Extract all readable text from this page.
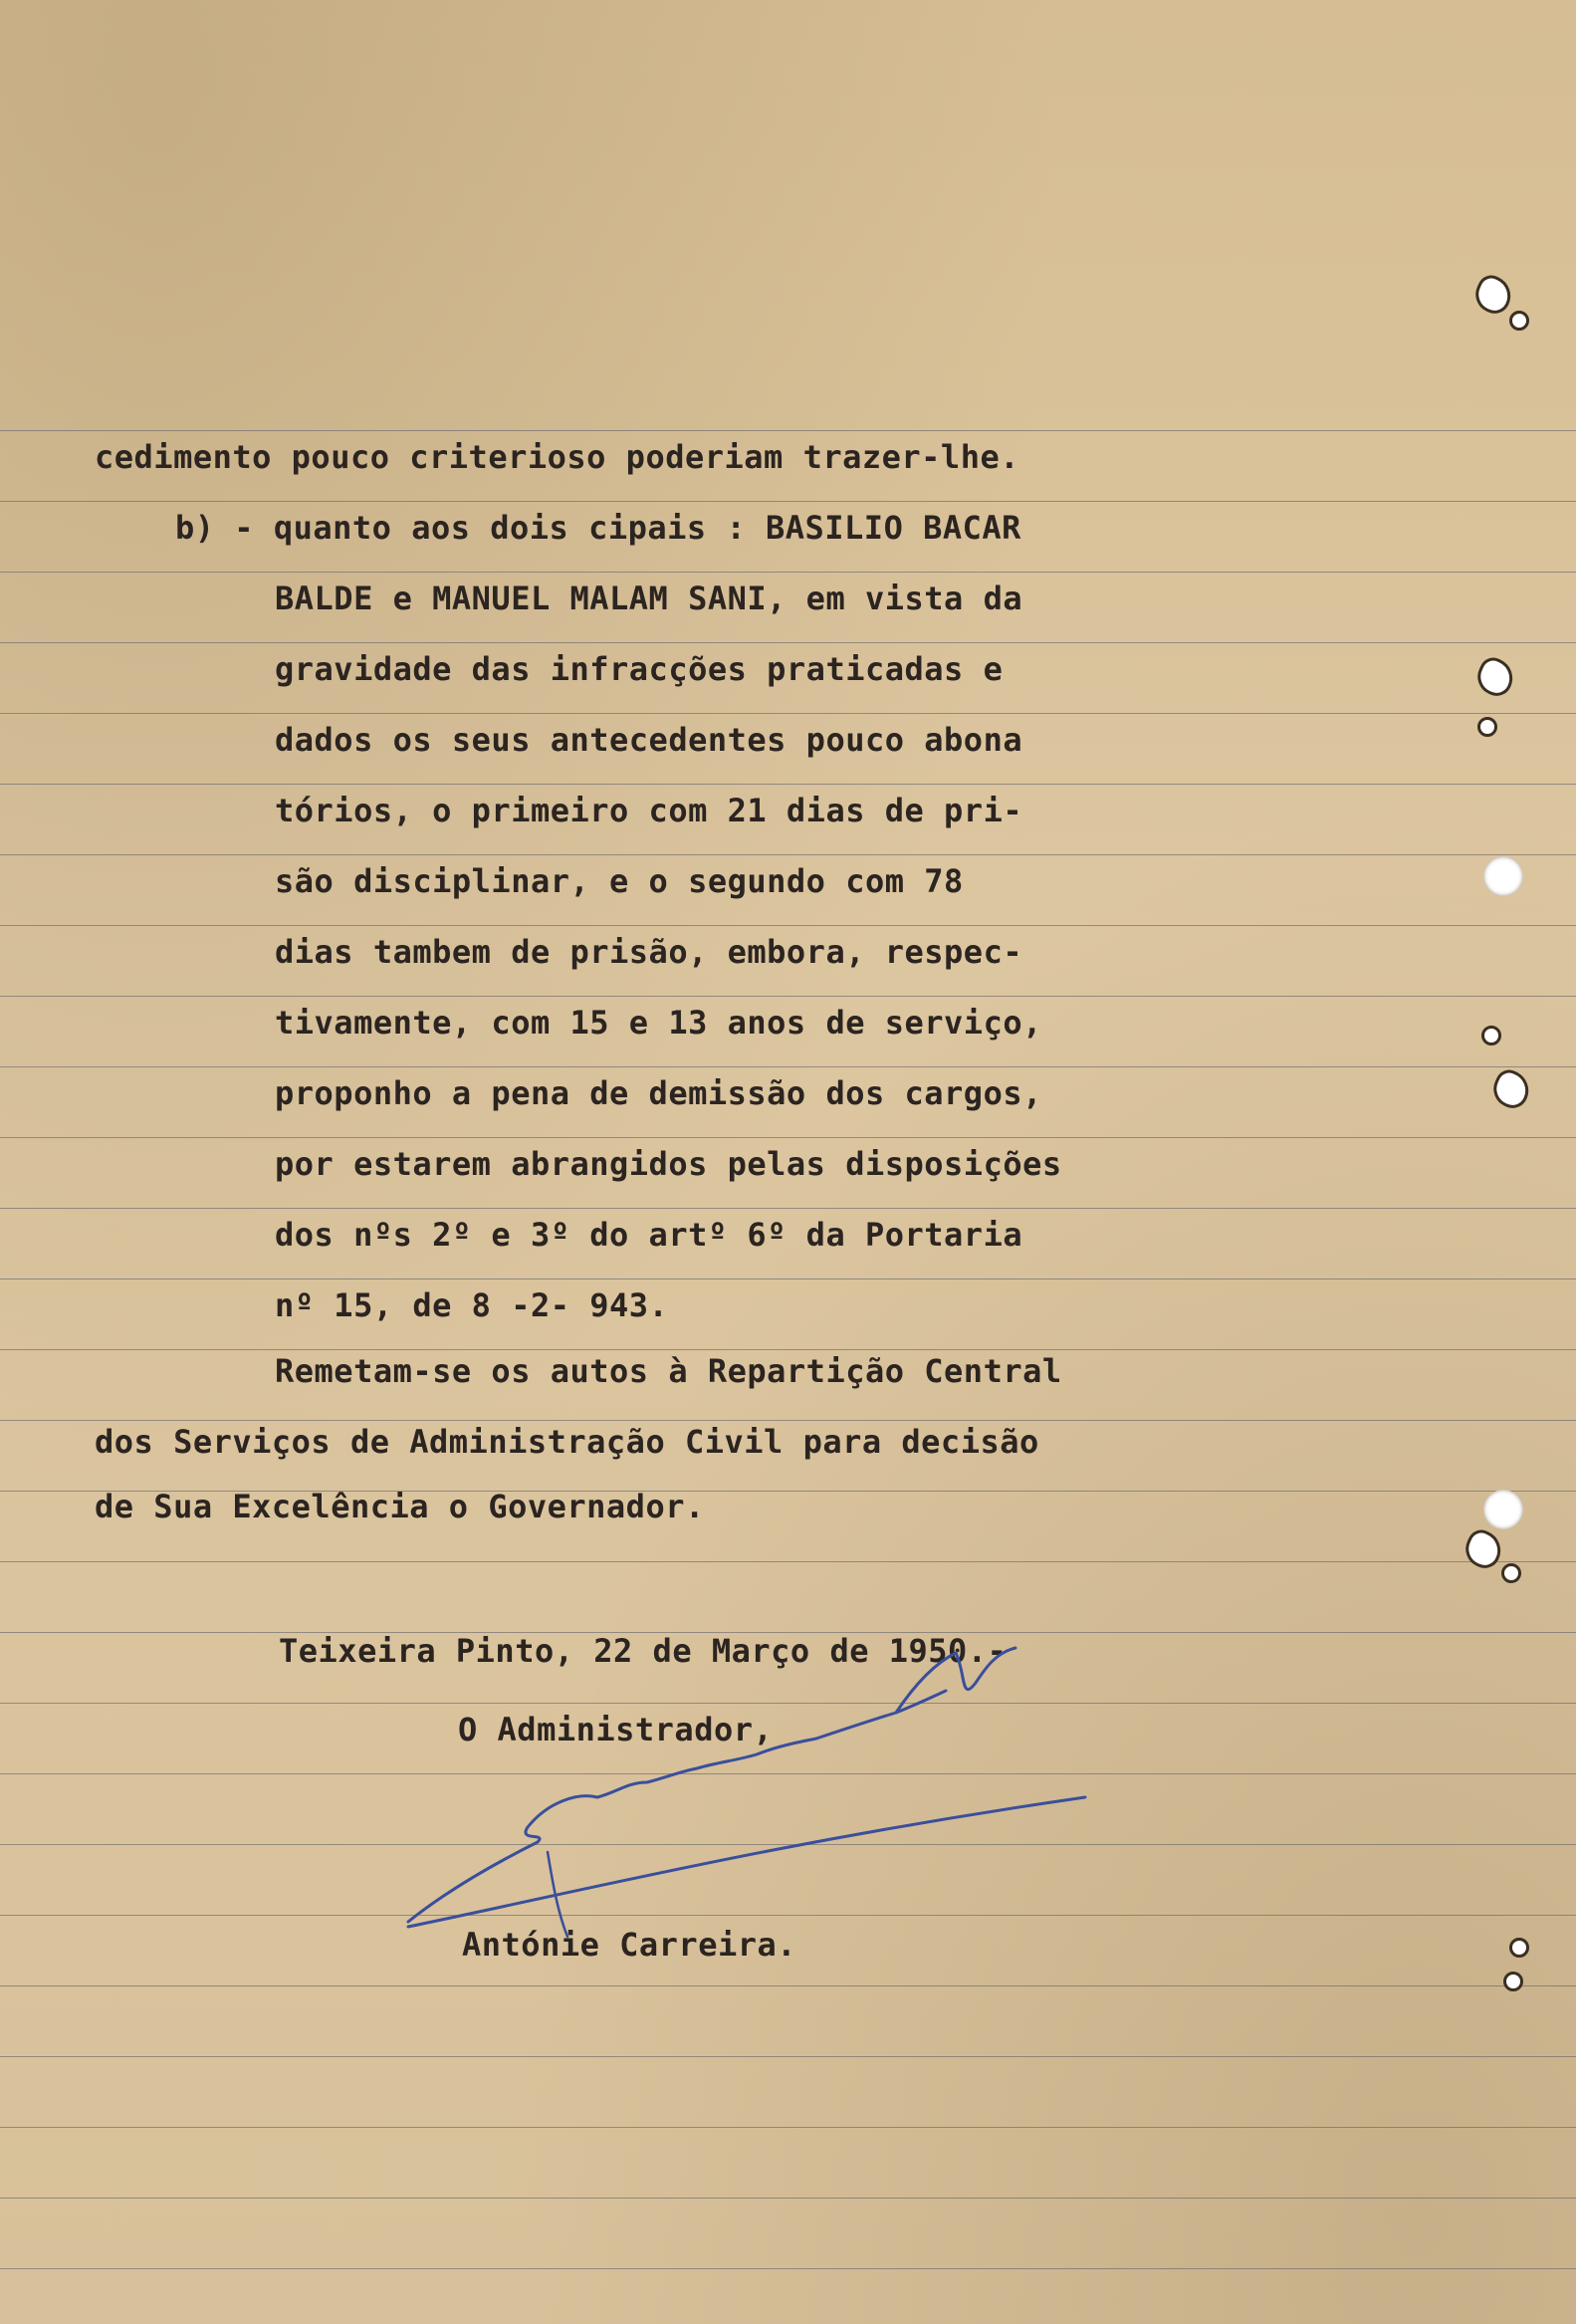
cedimento pouco criterioso poderiam trazer-lhe.
b) - quanto aos dois cipais : BASILIO BACAR
BALDE e MANUEL MALAM SANI, em vista da
gravidade das infracções praticadas e
dados os seus antecedentes pouco abona
tórios, o primeiro com 21 dias de pri-
são disciplinar, e o segundo com 78
dias tambem de prisão, embora, respec-
tivamente, com 15 e 13 anos de serviço,
proponho a pena de demissão dos cargos,
por estarem abrangidos pelas disposições
dos nºs 2º e 3º do artº 6º da Portaria
nº 15, de 8 -2- 943.
Remetam-se os autos à Repartição Central
dos Serviços de Administração Civil para decisão
de Sua Excelência o Governador.
Teixeira Pinto, 22 de Março de 1950.-
O Administrador,
Antónie Carreira.
